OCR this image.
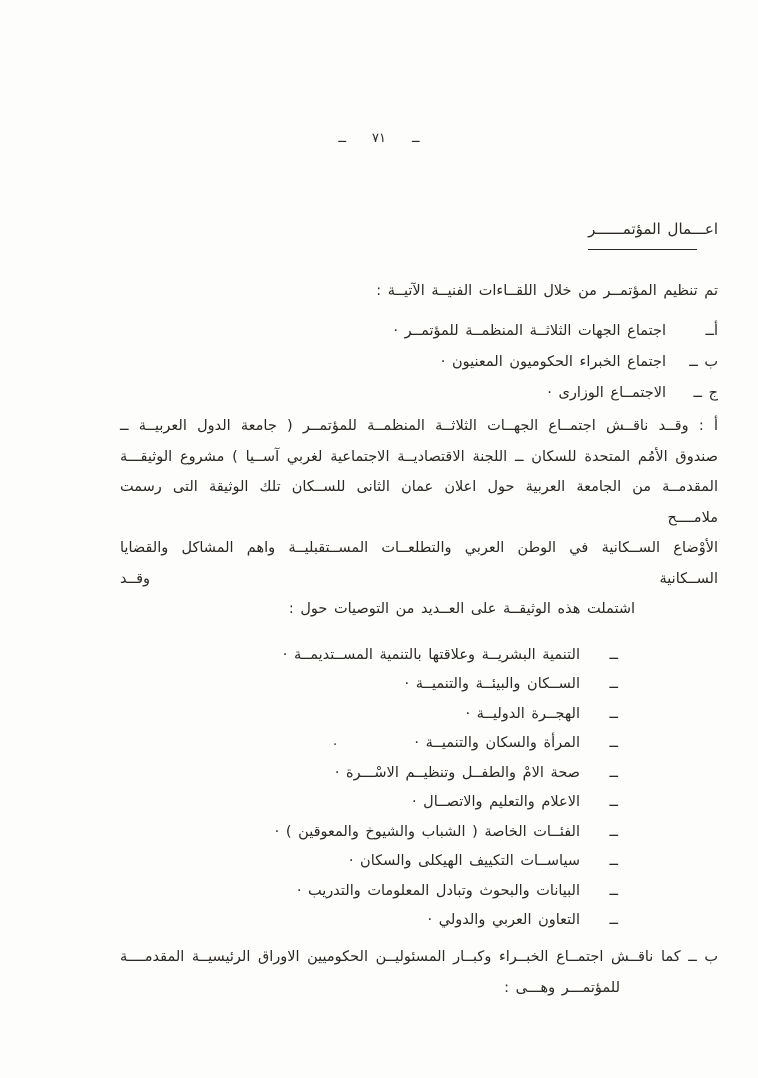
ــ٧١ــ
اعـــمال المؤتمــــــر
تم تنظيم المؤتمــر من خلال اللقــاءات الفنيــة الآتيــة :
أــ
اجتماع الجهات الثلاثــة المنظمــة للمؤتمــر ·
ب ــ
اجتماع الخبراء الحكوميون المعنيون ·
ج ــ
الاجتمــاع الوزارى ·
أ : وقــد ناقــش اجتمــاع الجهــات الثلاثــة المنظمــة للمؤتمــر ( جامعة الدول العربيــة ــ
صندوق الأمُم المتحدة للسكان ــ اللجنة الاقتصاديــة الاجتماعية لغربي آســيا ) مشروع الوثيقـــة
المقدمــة من الجامعة العربية حول اعلان عمان الثانى للســكان تلك الوثيقة التى رسمت ملامــــح
الأوْضاع الســكانية في الوطن العربي والتطلعــات المســتقبليــة واهم المشاكل والقضايا الســكانية وقــد
اشتملت هذه الوثيقــة على العــديد من التوصيات حول :
ــ
التنمية البشريــة وعلاقتها بالتنمية المســتديمــة ·
ــ
الســكان والبيئــة والتنميــة ·
ــ
الهجــرة الدوليــة ·
ــ
المرأة والسكان والتنميــة ·
ــ
صحة الامْ والطفــل وتنظيــم الاسْـــرة ·
ــ
الاعلام والتعليم والاتصــال ·
ــ
الفئــات الخاصة ( الشباب والشيوخ والمعوقين ) ·
ــ
سياســات التكييف الهيكلى والسكان ·
ــ
البيانات والبحوث وتبادل المعلومات والتدريب ·
ــ
التعاون العربي والدولي ·
ب ــ كما ناقــش اجتمــاع الخبــراء وكبــار المسئوليــن الحكوميين الاوراق الرئيسيــة المقدمــــة
للمؤتمـــر وهـــى :
·
